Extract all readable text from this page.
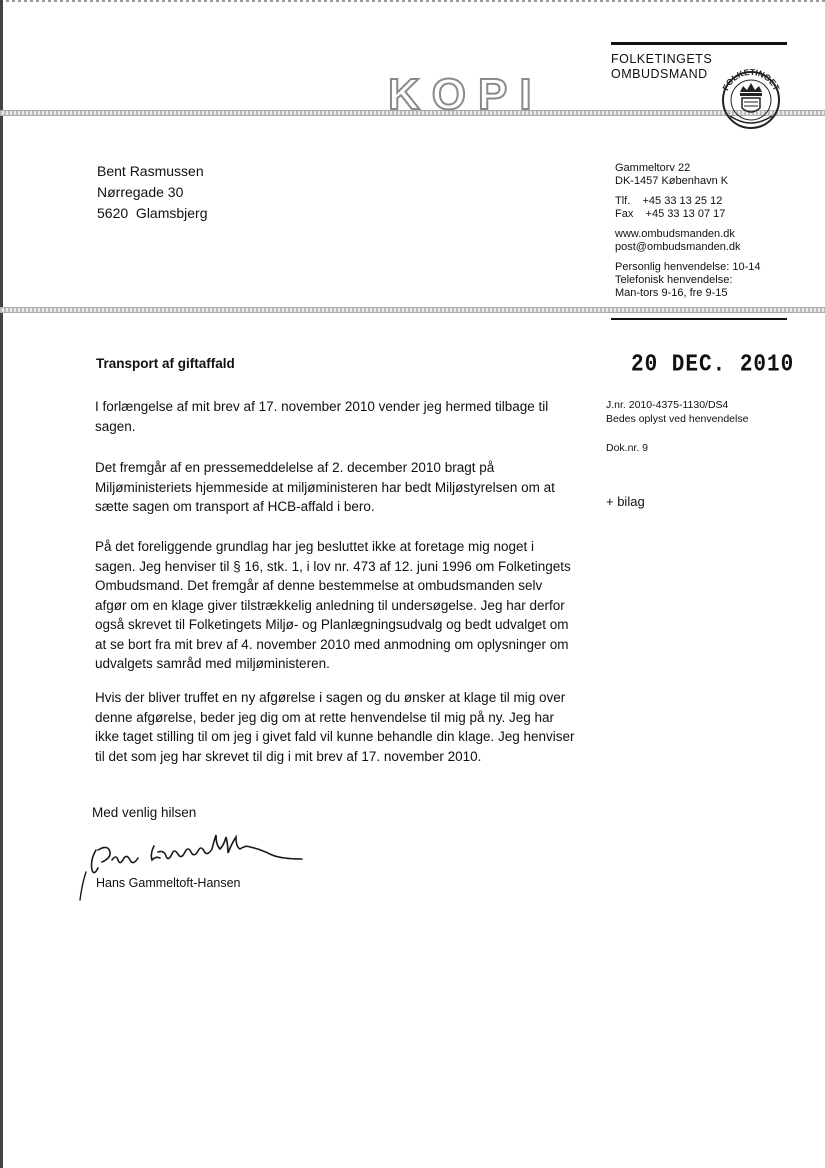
KOPI
FOLKETINGETS
OMBUDSMAND
FOLKETINGET
Bent Rasmussen
Nørregade 30
5620  Glamsbjerg
Gammeltorv 22
DK-1457 København K
Tlf.    +45 33 13 25 12
Fax    +45 33 13 07 17
www.ombudsmanden.dk
post@ombudsmanden.dk
Personlig henvendelse: 10-14
Telefonisk henvendelse:
Man-tors 9-16, fre 9-15
20 DEC. 2010
J.nr. 2010-4375-1130/DS4
Bedes oplyst ved henvendelse
Dok.nr. 9
+ bilag
Transport af giftaffald
I forlængelse af mit brev af 17. november 2010 vender jeg hermed tilbage til sagen.
Det fremgår af en pressemeddelelse af 2. december 2010 bragt på Miljøministeriets hjemmeside at miljøministeren har bedt Miljøstyrelsen om at sætte sagen om transport af HCB-affald i bero.
På det foreliggende grundlag har jeg besluttet ikke at foretage mig noget i sagen. Jeg henviser til § 16, stk. 1, i lov nr. 473 af 12. juni 1996 om Folketingets Ombudsmand. Det fremgår af denne bestemmelse at ombudsmanden selv afgør om en klage giver tilstrækkelig anledning til undersøgelse. Jeg har derfor også skrevet til Folketingets Miljø- og Planlægningsudvalg og bedt udvalget om at se bort fra mit brev af 4. november 2010 med anmodning om oplysninger om udvalgets samråd med miljøministeren.
Hvis der bliver truffet en ny afgørelse i sagen og du ønsker at klage til mig over denne afgørelse, beder jeg dig om at rette henvendelse til mig på ny. Jeg har ikke taget stilling til om jeg i givet fald vil kunne behandle din klage. Jeg henviser til det som jeg har skrevet til dig i mit brev af 17. november 2010.
Med venlig hilsen
Hans Gammeltoft-Hansen
